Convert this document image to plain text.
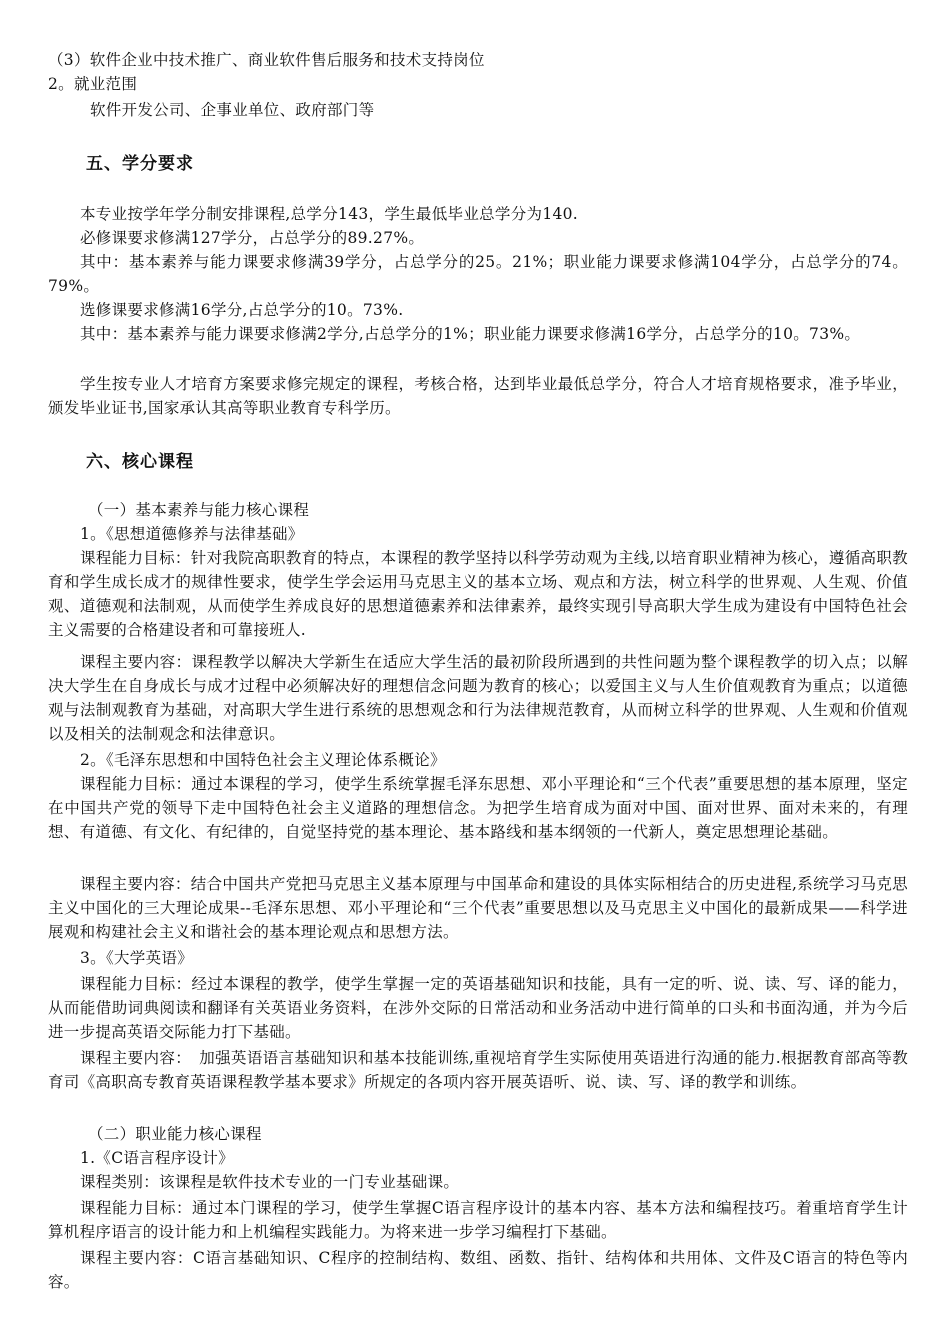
（3）软件企业中技术推广、商业软件售后服务和技术支持岗位

2。就业范围

软件开发公司、企事业单位、政府部门等

五、学分要求

本专业按学年学分制安排课程,总学分143，学生最低毕业总学分为140.

必修课要求修满127学分，占总学分的89.27%。

其中：基本素养与能力课要求修满39学分，占总学分的25。21%；职业能力课要求修满104学分，占总学分的74。79%。

选修课要求修满16学分,占总学分的10。73%.

其中：基本素养与能力课要求修满2学分,占总学分的1%；职业能力课要求修满16学分，占总学分的10。73%。

学生按专业人才培育方案要求修完规定的课程，考核合格，达到毕业最低总学分，符合人才培育规格要求，准予毕业，颁发毕业证书,国家承认其高等职业教育专科学历。

六、核心课程

（一）基本素养与能力核心课程

1。《思想道德修养与法律基础》

课程能力目标：针对我院高职教育的特点，本课程的教学坚持以科学劳动观为主线,以培育职业精神为核心，遵循高职教育和学生成长成才的规律性要求，使学生学会运用马克思主义的基本立场、观点和方法，树立科学的世界观、人生观、价值观、道德观和法制观，从而使学生养成良好的思想道德素养和法律素养，最终实现引导高职大学生成为建设有中国特色社会主义需要的合格建设者和可靠接班人.

课程主要内容：课程教学以解决大学新生在适应大学生活的最初阶段所遇到的共性问题为整个课程教学的切入点；以解决大学生在自身成长与成才过程中必须解决好的理想信念问题为教育的核心；以爱国主义与人生价值观教育为重点；以道德观与法制观教育为基础，对高职大学生进行系统的思想观念和行为法律规范教育，从而树立科学的世界观、人生观和价值观以及相关的法制观念和法律意识。

2。《毛泽东思想和中国特色社会主义理论体系概论》

课程能力目标：通过本课程的学习，使学生系统掌握毛泽东思想、邓小平理论和“三个代表”重要思想的基本原理，坚定在中国共产党的领导下走中国特色社会主义道路的理想信念。为把学生培育成为面对中国、面对世界、面对未来的，有理想、有道德、有文化、有纪律的，自觉坚持党的基本理论、基本路线和基本纲领的一代新人，奠定思想理论基础。

课程主要内容：结合中国共产党把马克思主义基本原理与中国革命和建设的具体实际相结合的历史进程,系统学习马克思主义中国化的三大理论成果--毛泽东思想、邓小平理论和“三个代表”重要思想以及马克思主义中国化的最新成果——科学进展观和构建社会主义和谐社会的基本理论观点和思想方法。

3。《大学英语》

课程能力目标：经过本课程的教学，使学生掌握一定的英语基础知识和技能，具有一定的听、说、读、写、译的能力，从而能借助词典阅读和翻译有关英语业务资料，在涉外交际的日常活动和业务活动中进行简单的口头和书面沟通，并为今后进一步提高英语交际能力打下基础。

课程主要内容：　加强英语语言基础知识和基本技能训练,重视培育学生实际使用英语进行沟通的能力.根据教育部高等教育司《高职高专教育英语课程教学基本要求》所规定的各项内容开展英语听、说、读、写、译的教学和训练。

（二）职业能力核心课程

1.《C语言程序设计》

课程类别：该课程是软件技术专业的一门专业基础课。

课程能力目标：通过本门课程的学习，使学生掌握C语言程序设计的基本内容、基本方法和编程技巧。着重培育学生计算机程序语言的设计能力和上机编程实践能力。为将来进一步学习编程打下基础。

课程主要内容：C语言基础知识、C程序的控制结构、数组、函数、指针、结构体和共用体、文件及C语言的特色等内容。
